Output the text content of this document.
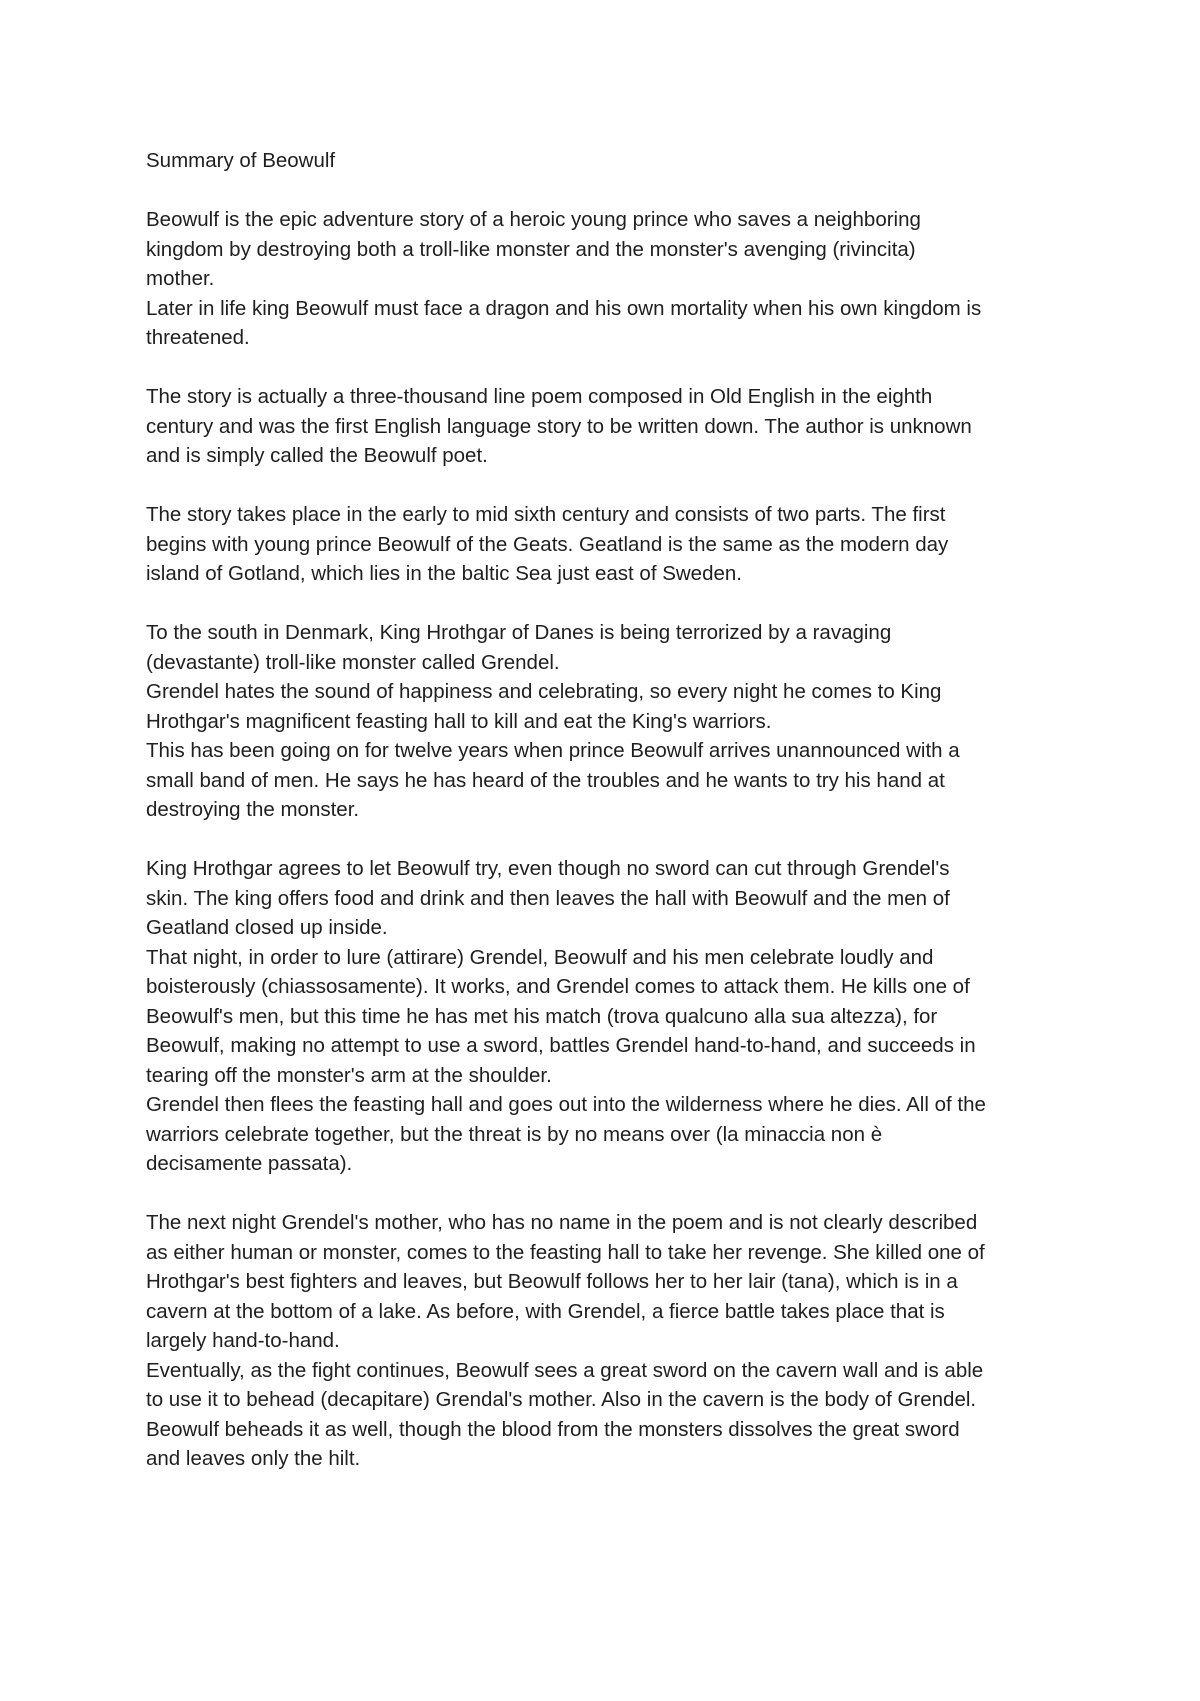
Summary of Beowulf

Beowulf is the epic adventure story of a heroic young prince who saves a neighboring
kingdom by destroying both a troll-like monster and the monster's avenging (rivincita)
mother.
Later in life king Beowulf must face a dragon and his own mortality when his own kingdom is
threatened.
The story is actually a three-thousand line poem composed in Old English in the eighth
century and was the first English language story to be written down. The author is unknown
and is simply called the Beowulf poet.
The story takes place in the early to mid sixth century and consists of two parts. The first
begins with young prince Beowulf of the Geats. Geatland is the same as the modern day
island of Gotland, which lies in the baltic Sea just east of Sweden.
To the south in Denmark, King Hrothgar of Danes is being terrorized by a ravaging
(devastante) troll-like monster called Grendel.
Grendel hates the sound of happiness and celebrating, so every night he comes to King
Hrothgar's magnificent feasting hall to kill and eat the King's warriors.
This has been going on for twelve years when prince Beowulf arrives unannounced with a
small band of men. He says he has heard of the troubles and he wants to try his hand at
destroying the monster.
King Hrothgar agrees to let Beowulf try, even though no sword can cut through Grendel's
skin. The king offers food and drink and then leaves the hall with Beowulf and the men of
Geatland closed up inside.
That night, in order to lure (attirare) Grendel, Beowulf and his men celebrate loudly and
boisterously (chiassosamente). It works, and Grendel comes to attack them. He kills one of
Beowulf's men, but this time he has met his match (trova qualcuno alla sua altezza), for
Beowulf, making no attempt to use a sword, battles Grendel hand-to-hand, and succeeds in
tearing off the monster's arm at the shoulder.
Grendel then flees the feasting hall and goes out into the wilderness where he dies. All of the
warriors celebrate together, but the threat is by no means over (la minaccia non è
decisamente passata).
The next night Grendel's mother, who has no name in the poem and is not clearly described
as either human or monster, comes to the feasting hall to take her revenge. She killed one of
Hrothgar's best fighters and leaves, but Beowulf follows her to her lair (tana), which is in a
cavern at the bottom of a lake. As before, with Grendel, a fierce battle takes place that is
largely hand-to-hand.
Eventually, as the fight continues, Beowulf sees a great sword on the cavern wall and is able
to use it to behead (decapitare) Grendal's mother. Also in the cavern is the body of Grendel.
Beowulf beheads it as well, though the blood from the monsters dissolves the great sword
and leaves only the hilt.
